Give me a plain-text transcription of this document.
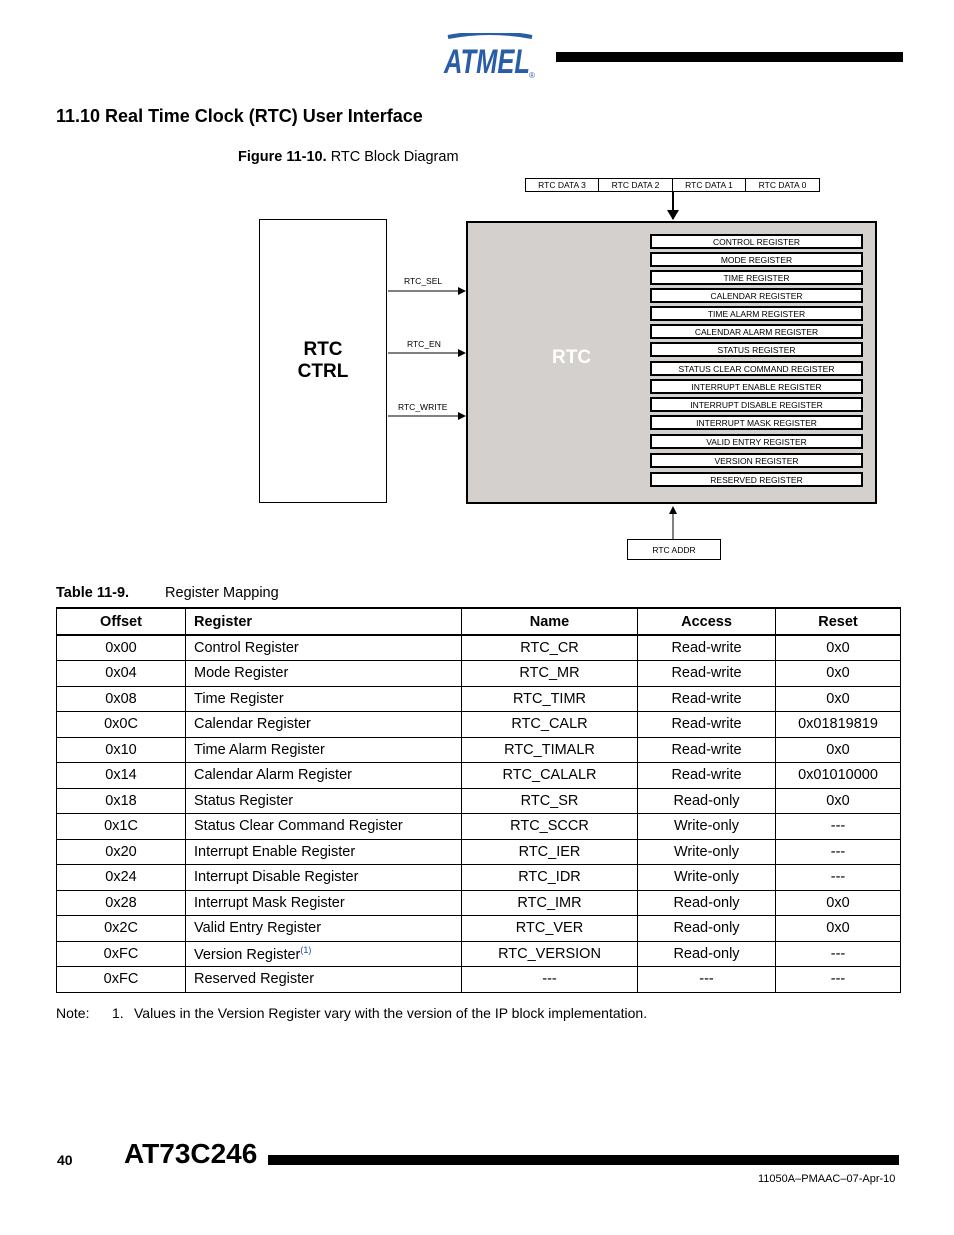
ATMEL ®
11.10 Real Time Clock (RTC) User Interface
Figure 11-10. RTC Block Diagram
RTC DATA 3	RTC DATA 2	RTC DATA 1	RTC DATA 0
RTC
CTRL
RTC
CONTROL REGISTER
MODE REGISTER
TIME REGISTER
CALENDAR REGISTER
TIME ALARM REGISTER
CALENDAR ALARM REGISTER
STATUS REGISTER
STATUS CLEAR COMMAND REGISTER
INTERRUPT ENABLE REGISTER
INTERRUPT DISABLE REGISTER
INTERRUPT MASK REGISTER
VALID ENTRY REGISTER
VERSION REGISTER
RESERVED REGISTER
RTC_SEL
RTC_EN
RTC_WRITE
RTC ADDR
Table 11-9. Register Mapping
Offset	Register	Name	Access	Reset
0x00	Control Register	RTC_CR	Read-write	0x0
0x04	Mode Register	RTC_MR	Read-write	0x0
0x08	Time Register	RTC_TIMR	Read-write	0x0
0x0C	Calendar Register	RTC_CALR	Read-write	0x01819819
0x10	Time Alarm Register	RTC_TIMALR	Read-write	0x0
0x14	Calendar Alarm Register	RTC_CALALR	Read-write	0x01010000
0x18	Status Register	RTC_SR	Read-only	0x0
0x1C	Status Clear Command Register	RTC_SCCR	Write-only	---
0x20	Interrupt Enable Register	RTC_IER	Write-only	---
0x24	Interrupt Disable Register	RTC_IDR	Write-only	---
0x28	Interrupt Mask Register	RTC_IMR	Read-only	0x0
0x2C	Valid Entry Register	RTC_VER	Read-only	0x0
0xFC	Version Register$^{(1)}$	RTC_VERSION	Read-only	---
0xFC	Reserved Register	---	---	---
Note: 1. Values in the Version Register vary with the version of the IP block implementation.
40 AT73C246
11050A–PMAAC–07-Apr-10
